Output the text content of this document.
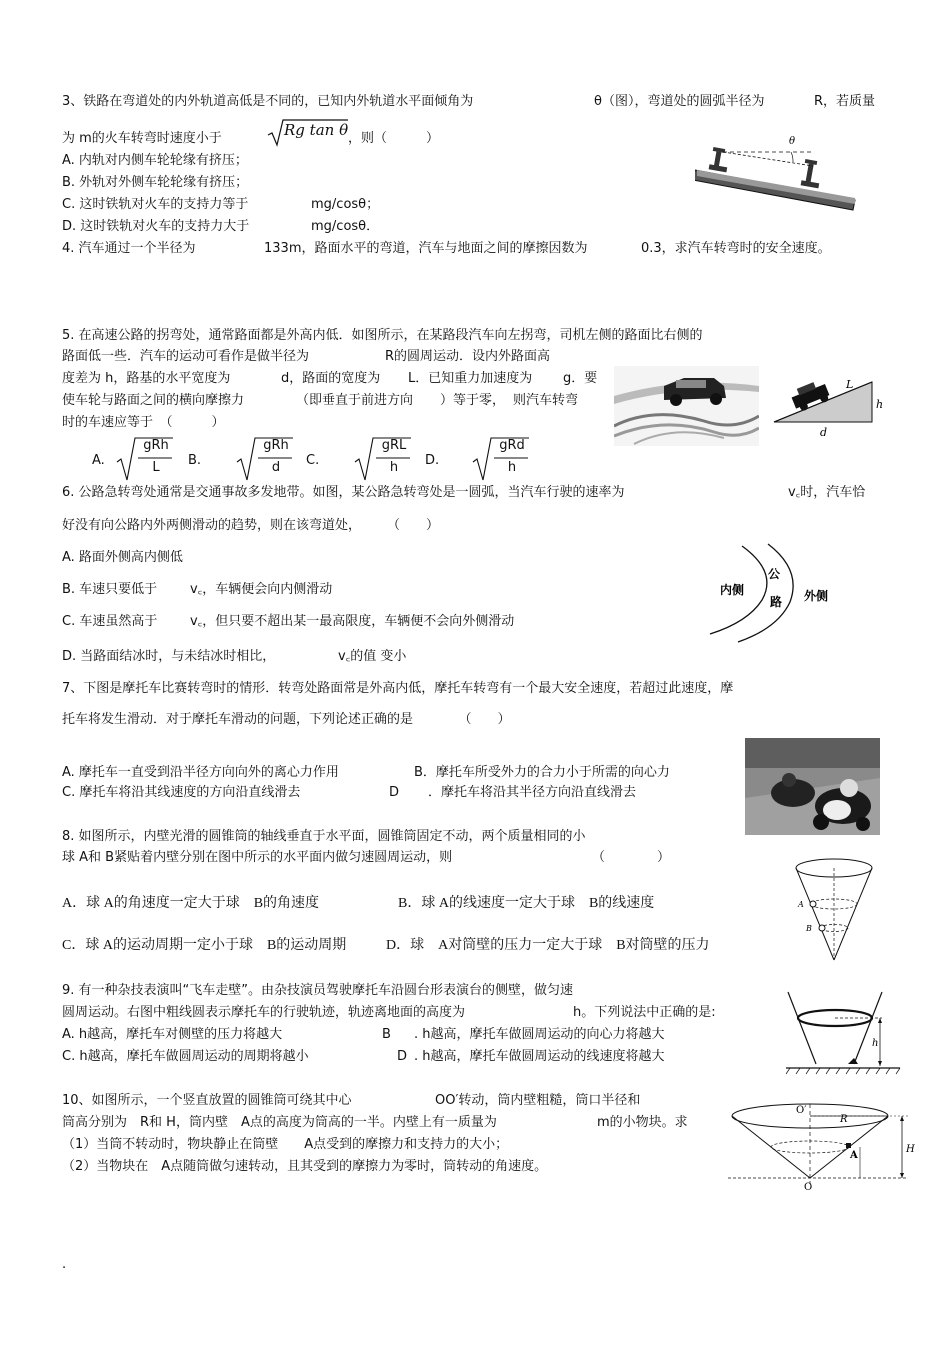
3、铁路在弯道处的内外轨道高低是不同的，已知内外轨道水平面倾角为	θ（图），弯道处的圆弧半径为	R，若质量
为 m的火车转弯时速度小于	Rg tan θ ，则（　　　）
A. 内轨对内侧车轮轮缘有挤压；
B. 外轨对外侧车轮轮缘有挤压；
C. 这时铁轨对火车的支持力等于	mg/cosθ；
D. 这时铁轨对火车的支持力大于	mg/cosθ．
θ
4. 汽车通过一个半径为	133m，路面水平的弯道，汽车与地面之间的摩擦因数为	0.3，求汽车转弯时的安全速度。
5. 在高速公路的拐弯处，通常路面都是外高内低．如图所示，在某路段汽车向左拐弯，司机左侧的路面比右侧的
路面低一些．汽车的运动可看作是做半径为	R的圆周运动．设内外路面高
度差为 h，路基的水平宽度为	d，路面的宽度为 L．已知重力加速度为 g．要
使车轮与路面之间的横向摩擦力	（即垂直于前进方向 ）等于零， 则汽车转弯
时的车速应等于　（　　　）
A.
gRh
L	B.
gRh
d	C.
gRL
h	D.
gRd
h
L
h
d
6. 公路急转弯处通常是交通事故多发地带。如图，某公路急转弯处是一圆弧，当汽车行驶的速率为	v꜀时，汽车恰
好没有向公路内外两侧滑动的趋势，则在该弯道处，　　　（　　）
A. 路面外侧高内侧低
B. 车速只要低于	v꜀，车辆便会向内侧滑动
C. 车速虽然高于	v꜀，但只要不超出某一最高限度，车辆便不会向外侧滑动
D. 当路面结冰时，与未结冰时相比，	v꜀的值 变小
内侧
公
路 外侧
7、下图是摩托车比赛转弯时的情形．转弯处路面常是外高内低，摩托车转弯有一个最大安全速度，若超过此速度，摩
托车将发生滑动．对于摩托车滑动的问题，下列论述正确的是　　　　（　　）
A. 摩托车一直受到沿半径方向向外的离心力作用	B．摩托车所受外力的合力小于所需的向心力
C. 摩托车将沿其线速度的方向沿直线滑去	D ．摩托车将沿其半径方向沿直线滑去
8. 如图所示，内壁光滑的圆锥筒的轴线垂直于水平面，圆锥筒固定不动，两个质量相同的小
球 A和 B紧贴着内壁分别在图中所示的水平面内做匀速圆周运动，则	（　　　　）
A．球 A的角速度一定大于球　B的角速度	B．球 A的线速度一定大于球　B的线速度
C．球 A的运动周期一定小于球　B的运动周期	D．球　A对筒壁的压力一定大于球　B对筒壁的压力
A
B
9. 有一种杂技表演叫“飞车走壁”。由杂技演员驾驶摩托车沿圆台形表演台的侧壁，做匀速
圆周运动。右图中粗线圆表示摩托车的行驶轨迹，轨迹离地面的高度为	h。下列说法中正确的是:
A. h越高，摩托车对侧壁的压力将越大	B . h越高，摩托车做圆周运动的向心力将越大
C. h越高，摩托车做圆周运动的周期将越小	D . h越高，摩托车做圆周运动的线速度将越大
h
10、如图所示，一个竖直放置的圆锥筒可绕其中心	OO′转动，筒内壁粗糙，筒口半径和
筒高分别为　R和 H，筒内壁　A点的高度为筒高的一半。内壁上有一质量为	m的小物块。求
（1）当筒不转动时，物块静止在筒壁　　A点受到的摩擦力和支持力的大小；
（2）当物块在　A点随筒做匀速转动，且其受到的摩擦力为零时，筒转动的角速度。
O′
R
H
A
O
.
